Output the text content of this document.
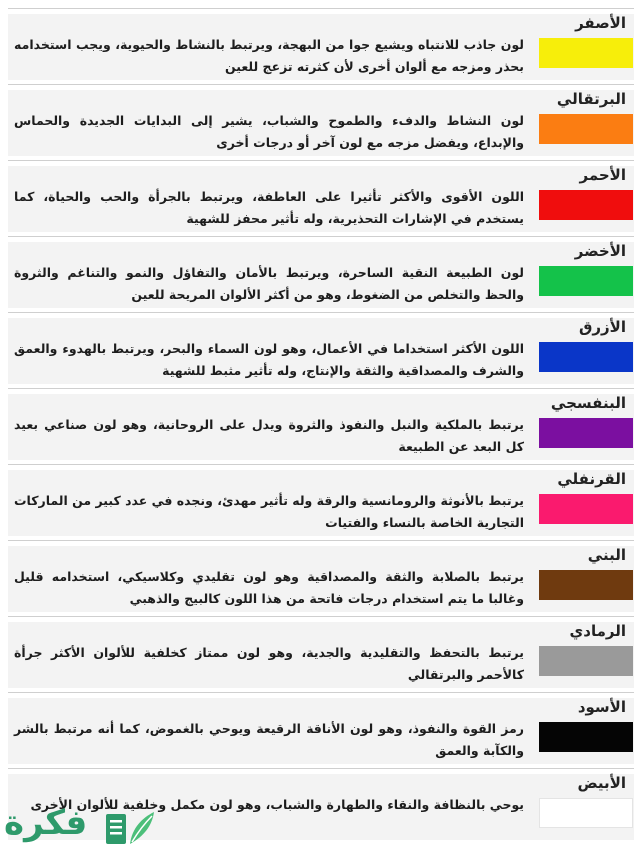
الأصفر
لون جاذب للانتباه ويشيع جوا من البهجة، ويرتبط بالنشاط والحيوية، ويجب استخدامه بحذر ومزجه مع ألوان أخرى لأن كثرته تزعج للعين
البرتقالي
لون النشاط والدفء والطموح والشباب، يشير إلى البدايات الجديدة والحماس والإبداع، ويفضل مزجه مع لون آخر أو درجات أخرى
الأحمر
اللون الأقوى والأكثر تأثيرا على العاطفة، ويرتبط بالجرأة والحب والحياة، كما يستخدم في الإشارات التحذيرية، وله تأثير محفز للشهية
الأخضر
لون الطبيعة النقية الساحرة، ويرتبط بالأمان والتفاؤل والنمو والتناغم والثروة والحظ والتخلص من الضغوط، وهو من أكثر الألوان المريحة للعين
الأزرق
اللون الأكثر استخداما في الأعمال، وهو لون السماء والبحر، ويرتبط بالهدوء والعمق والشرف والمصداقية والثقة والإنتاج، وله تأثير مثبط للشهية
البنفسجي
يرتبط بالملكية والنبل والنفوذ والثروة ويدل على الروحانية، وهو لون صناعي بعيد كل البعد عن الطبيعة
القرنفلي
يرتبط بالأنوثة والرومانسية والرقة وله تأثير مهدئ، ونجده في عدد كبير من الماركات التجارية الخاصة بالنساء والفتيات
البني
يرتبط بالصلابة والثقة والمصداقية وهو لون تقليدي وكلاسيكي، استخدامه قليل وغالبا ما يتم استخدام درجات فاتحة من هذا اللون كالبيج والذهبي
الرمادي
يرتبط بالتحفظ والتقليدية والجدية، وهو لون ممتاز كخلفية للألوان الأكثر جرأة كالأحمر والبرتقالي
الأسود
رمز القوة والنفوذ، وهو لون الأناقة الرقيعة ويوحي بالغموض، كما أنه مرتبط بالشر والكآبة والعمق
الأبيض
يوحي بالنظافة والنقاء والطهارة والشباب، وهو لون مكمل وخلفية للألوان الأخرى
فكرة
